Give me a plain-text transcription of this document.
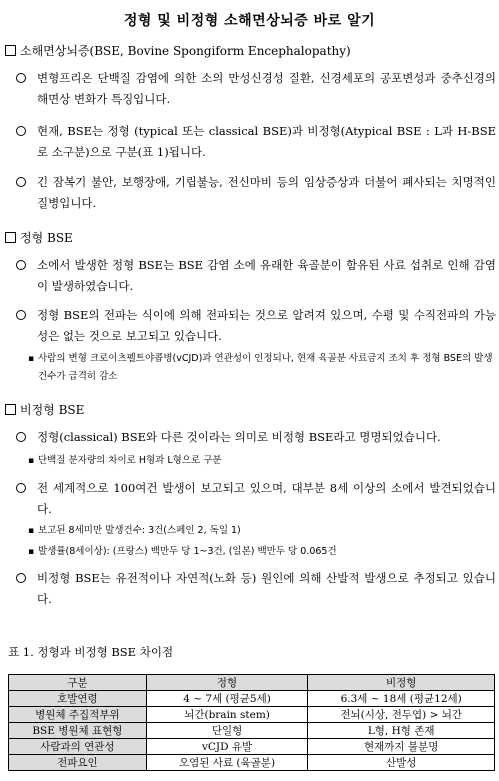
정형 및 비정형 소해면상뇌증 바로 알기
소해면상뇌증(BSE, Bovine Spongiform Encephalopathy)
변형프리온 단백질 감염에 의한 소의 만성신경성 질환, 신경세포의 공포변성과 중추신경의 해면상 변화가 특징입니다.
현재, BSE는 정형 (typical 또는 classical BSE)과 비정형(Atypical BSE : L과 H-BSE로 소구분)으로 구분(표 1)됩니다.
긴 잠복기 불안, 보행장애, 기립불능, 전신마비 등의 임상증상과 더불어 폐사되는 치명적인 질병입니다.
정형 BSE
소에서 발생한 정형 BSE는 BSE 감염 소에 유래한 육골분이 함유된 사료 섭취로 인해 감염이 발생하였습니다.
정형 BSE의 전파는 식이에 의해 전파되는 것으로 알려져 있으며, 수평 및 수직전파의 가능성은 없는 것으로 보고되고 있습니다.
▪ 사람의 변형 크로이츠펠트야콥병(vCJD)과 연관성이 인정되나, 현재 육골분 사료금지 조치 후 정형 BSE의 발생건수가 급격히 감소
비정형 BSE
정형(classical) BSE와 다른 것이라는 의미로 비정형 BSE라고 명명되었습니다.
▪ 단백질 분자량의 차이로 H형과 L형으로 구분
전 세계적으로 100여건 발생이 보고되고 있으며, 대부분 8세 이상의 소에서 발견되었습니다.
▪ 보고된 8세미만 발생건수: 3건(스페인 2, 독일 1)
▪ 발생률(8세이상): (프랑스) 백만두 당 1~3건, (일본) 백만두 당 0.065건
비정형 BSE는 유전적이나 자연적(노화 등) 원인에 의해 산발적 발생으로 추정되고 있습니다.
표 1. 정형과 비정형 BSE 차이점
구분	정형	비정형
호발연령	4 ~ 7세 (평균5세)	6.3세 ~ 18세 (평균12세)
병원체 주집적부위	뇌간(brain stem)	전뇌(시상, 전두엽) > 뇌간
BSE 병원체 표현형	단일형	L형, H형 존재
사람과의 연관성	vCJD 유발	현재까지 불분명
전파요인	오염된 사료 (육골분)	산발성
